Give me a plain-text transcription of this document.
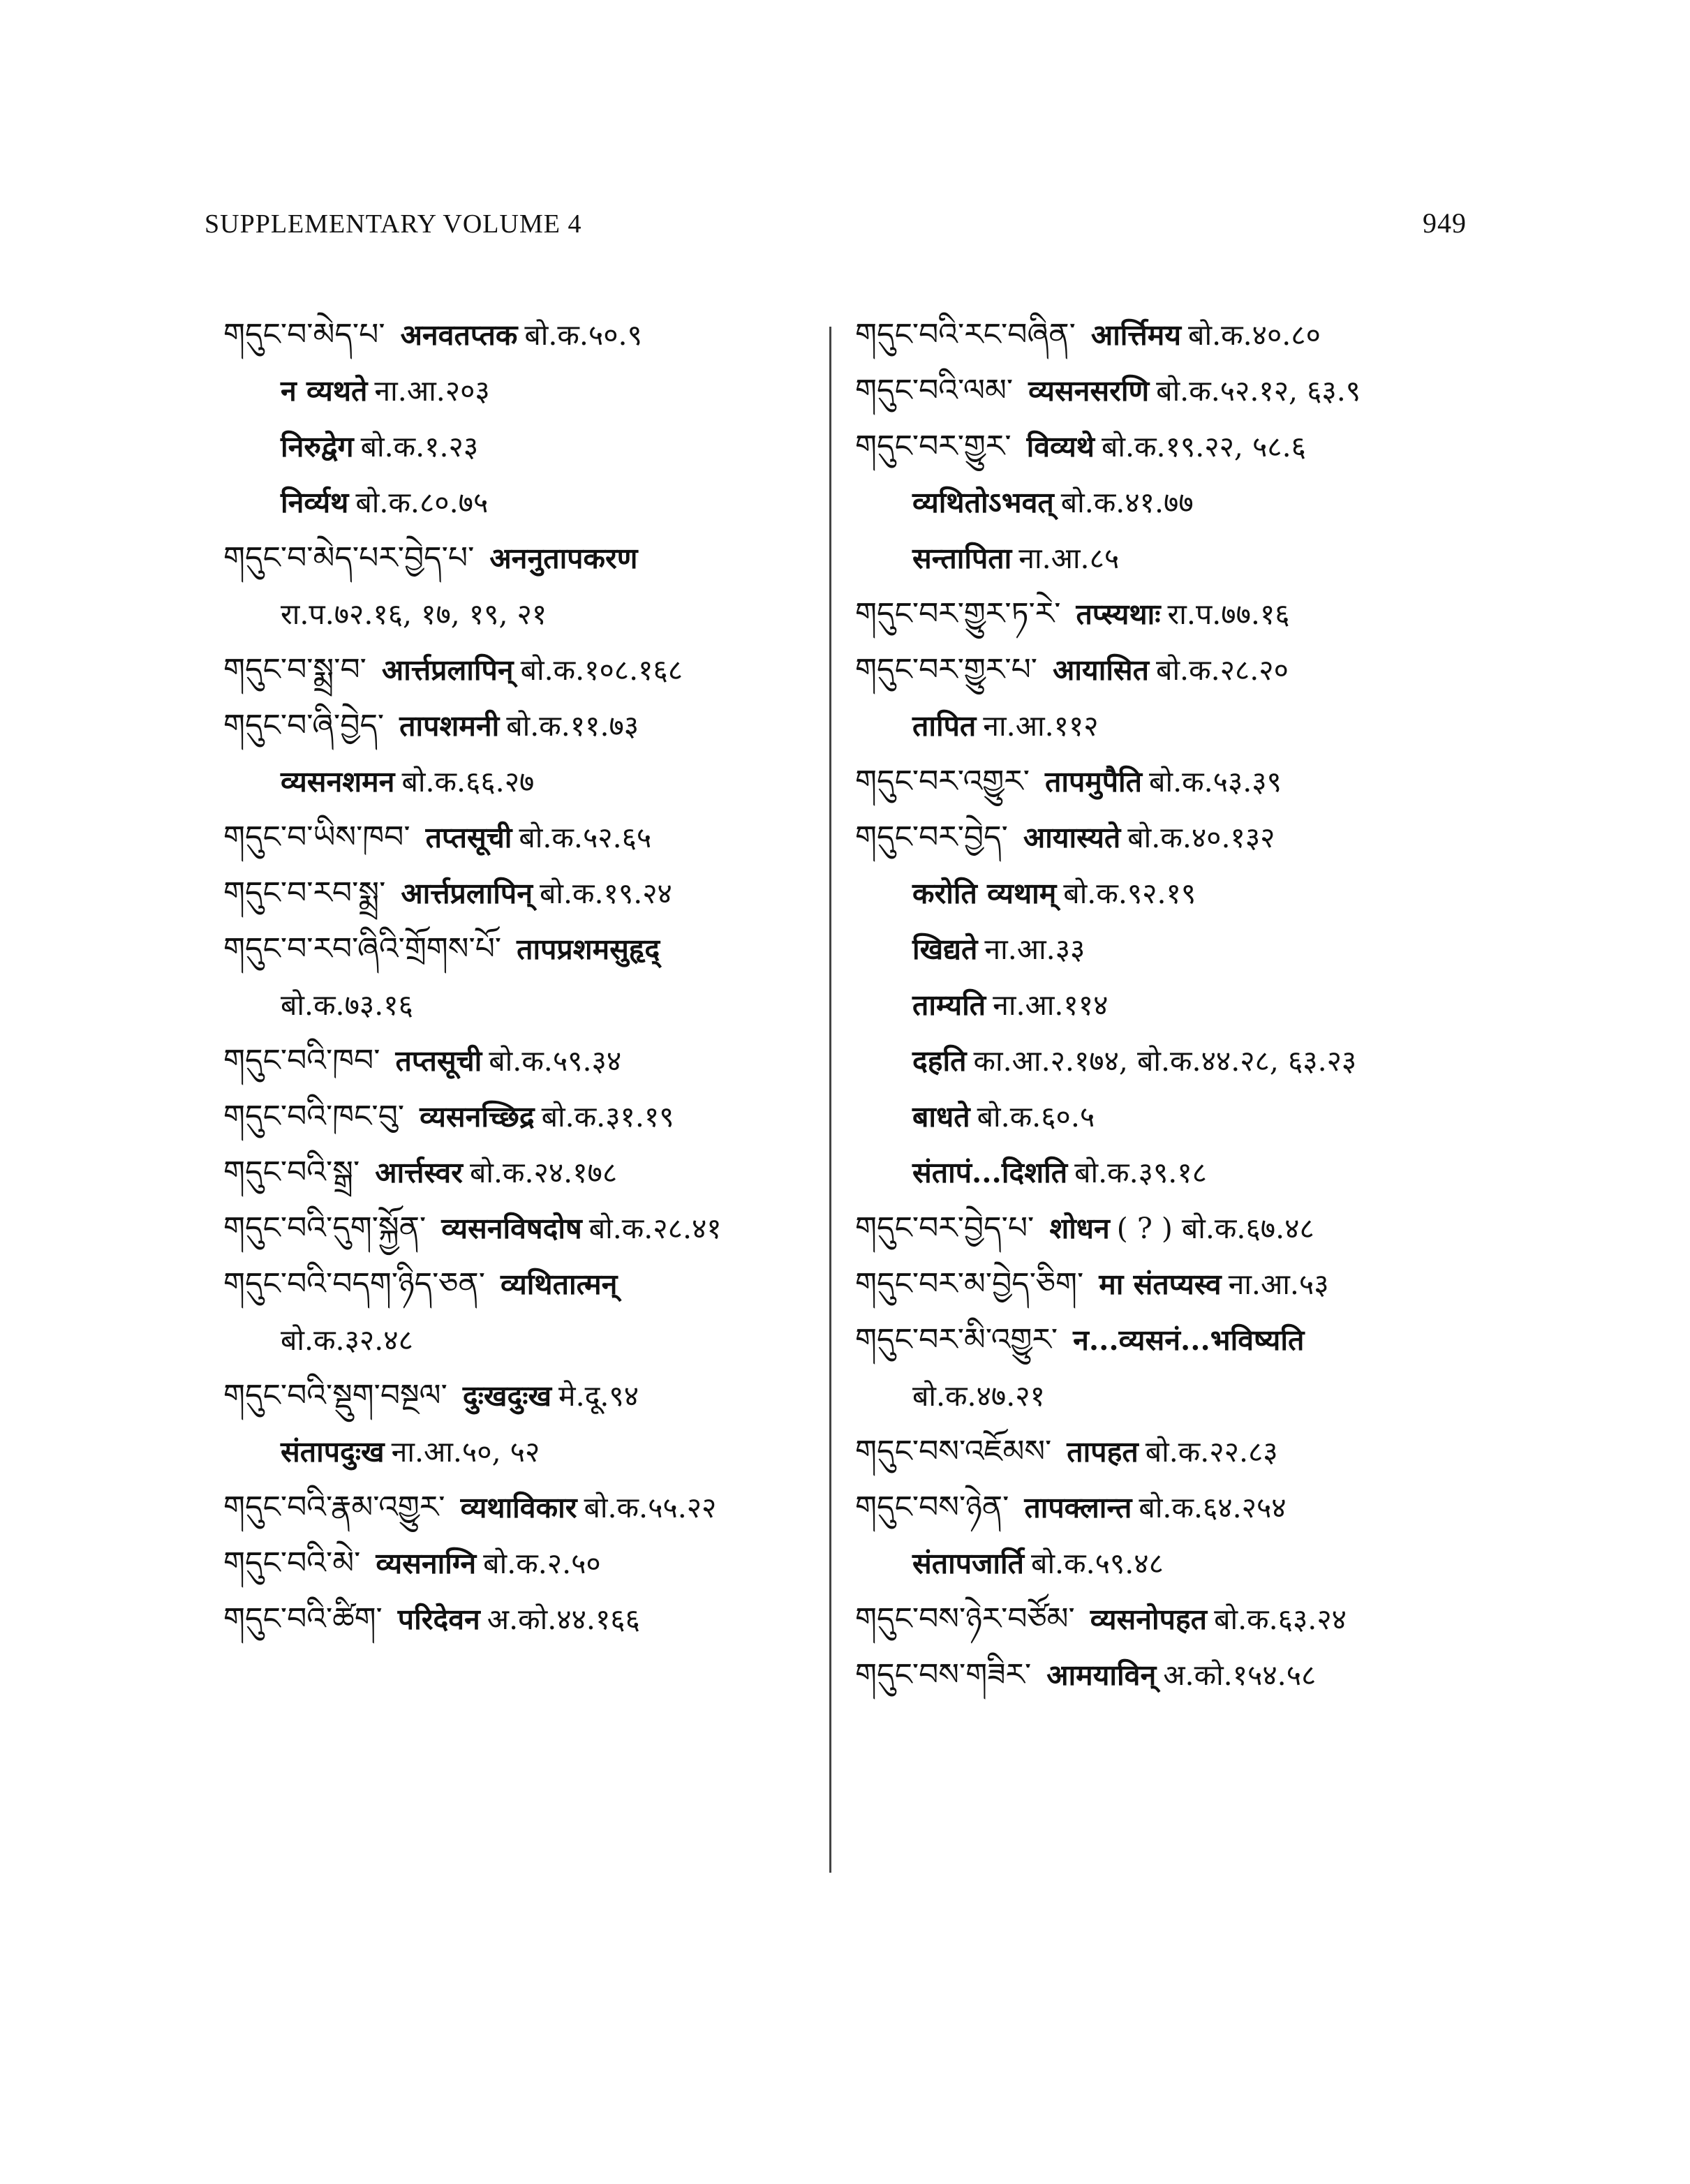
SUPPLEMENTARY VOLUME 4	949
གདུང་བ་མེད་པ་ अनवतप्तक बो.क.५०.९
न व्यथते ना.आ.२०३
निरुद्वेग बो.क.१.२३
निर्व्यथ बो.क.८०.७५
གདུང་བ་མེད་པར་བྱེད་པ་ अननुतापकरण
रा.प.७२.१६, १७, १९, २१
གདུང་བ་སྨྲ་བ་ आर्त्तप्रलापिन् बो.क.१०८.१६८
གདུང་བ་ཞི་བྱེད་ तापशमनी बो.क.११.७३
व्यसनशमन बो.क.६६.२७
གདུང་བ་ཡིས་ཁབ་ तप्तसूची बो.क.५२.६५
གདུང་བ་རབ་སྨྲ་ आर्त्तप्रलापिन् बो.क.१९.२४
གདུང་བ་རབ་ཞིའི་གྲོགས་པོ་ तापप्रशमसुहृद्
बो.क.७३.१६
གདུང་བའི་ཁབ་ तप्तसूची बो.क.५९.३४
གདུང་བའི་ཁང་བུ་ व्यसनच्छिद्र बो.क.३१.१९
གདུང་བའི་སྒྲ་ आर्त्तस्वर बो.क.२४.१७८
གདུང་བའི་དུག་སྐྱོན་ व्यसनविषदोष बो.क.२८.४१
གདུང་བའི་བདག་ཉིད་ཅན་ व्यथितात्मन्
बो.क.३२.४८
གདུང་བའི་སྡུག་བསྔལ་ दुःखदुःख मे.दू.९४
संतापदुःख ना.आ.५०, ५२
གདུང་བའི་རྣམ་འགྱུར་ व्यथाविकार बो.क.५५.२२
གདུང་བའི་མེ་ व्यसनाग्नि बो.क.२.५०
གདུང་བའི་ཚིག་ परिदेवन अ.को.४४.१६६
གདུང་བའི་རང་བཞིན་ आर्त्तिमय बो.क.४०.८०
གདུང་བའི་ལམ་ व्यसनसरणि बो.क.५२.१२, ६३.९
གདུང་བར་གྱུར་ विव्यथे बो.क.१९.२२, ५८.६
व्यथितोऽभवत् बो.क.४१.७७
सन्तापिता ना.आ.८५
གདུང་བར་གྱུར་ཏ་རེ་ तप्स्यथाः रा.प.७७.१६
གདུང་བར་གྱུར་པ་ आयासित बो.क.२८.२०
तापित ना.आ.११२
གདུང་བར་འགྱུར་ तापमुपैति बो.क.५३.३९
གདུང་བར་བྱེད་ आयास्यते बो.क.४०.१३२
करोति व्यथाम् बो.क.९२.१९
खिद्यते ना.आ.३३
ताम्यति ना.आ.११४
दहति का.आ.२.१७४, बो.क.४४.२८, ६३.२३
बाधते बो.क.६०.५
संतापं...दिशति बो.क.३९.१८
གདུང་བར་བྱེད་པ་ शोधन ( ? ) बो.क.६७.४८
གདུང་བར་མ་བྱེད་ཅིག་ मा संतप्यस्व ना.आ.५३
གདུང་བར་མི་འགྱུར་ न...व्यसनं...भविष्यति
बो.क.४७.२१
གདུང་བས་འཇོམས་ तापहत बो.क.२२.८३
གདུང་བས་ཉེན་ तापक्लान्त बो.क.६४.२५४
संतापजार्ति बो.क.५९.४८
གདུང་བས་ཉེར་བཙོམ་ व्यसनोपहत बो.क.६३.२४
གདུང་བས་གཟིར་ आमयाविन् अ.को.१५४.५८
